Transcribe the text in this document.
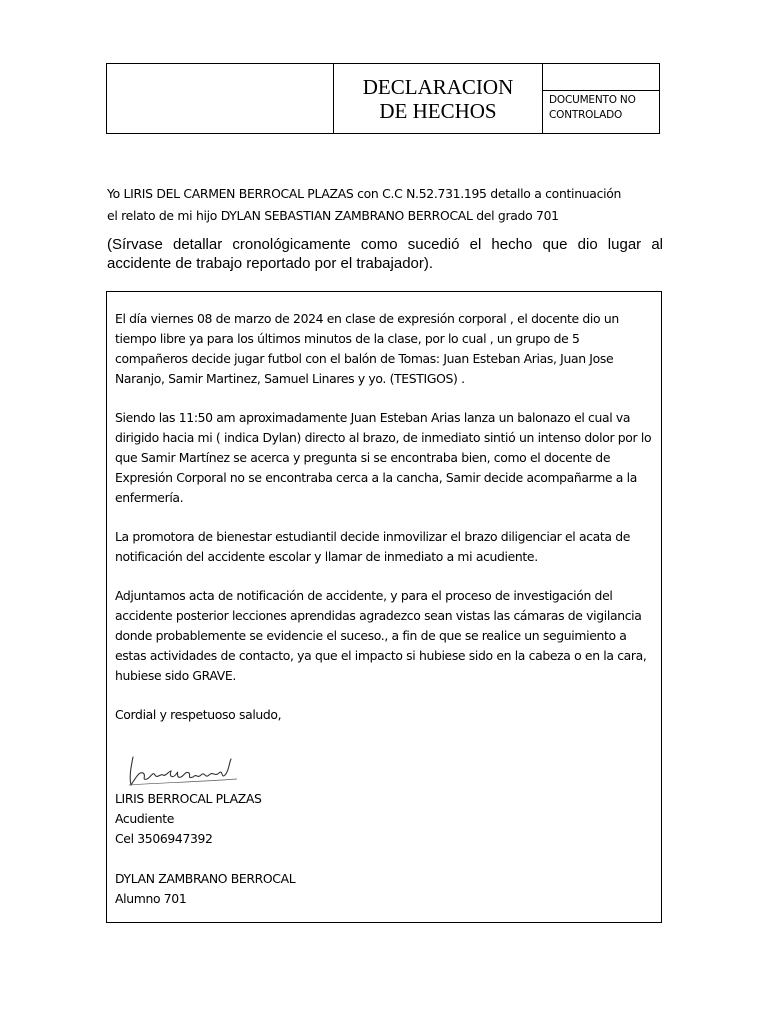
DECLARACION
DE HECHOS	DOCUMENTO NO
CONTROLADO
Yo LIRIS DEL CARMEN BERROCAL PLAZAS con C.C N.52.731.195 detallo a continuación
el relato de mi hijo DYLAN SEBASTIAN ZAMBRANO BERROCAL del grado 701
(Sírvase detallar cronológicamente como sucedió el hecho que dio lugar al accidente de trabajo reportado por el trabajador).

El día viernes 08 de marzo de 2024 en clase de expresión corporal , el docente dio un tiempo libre ya para los últimos minutos de la clase, por lo cual , un grupo de 5 compañeros decide jugar futbol con el balón de Tomas: Juan Esteban Arias, Juan Jose Naranjo, Samir Martinez, Samuel Linares y yo. (TESTIGOS) .

Siendo las 11:50 am aproximadamente Juan Esteban Arias lanza un balonazo el cual va dirigido hacia mi ( indica Dylan) directo al brazo, de inmediato sintió un intenso dolor por lo que Samir Martínez se acerca y pregunta si se encontraba bien, como el docente de Expresión Corporal no se encontraba cerca a la cancha, Samir decide acompañarme a la enfermería.

La promotora de bienestar estudiantil decide inmovilizar el brazo diligenciar el acata de notificación del accidente escolar y llamar de inmediato a mi acudiente.

Adjuntamos acta de notificación de accidente, y para el proceso de investigación del accidente posterior lecciones aprendidas agradezco sean vistas las cámaras de vigilancia donde probablemente se evidencie el suceso., a fin de que se realice un seguimiento a estas actividades de contacto, ya que el impacto si hubiese sido en la cabeza o en la cara, hubiese sido GRAVE.

Cordial y respetuoso saludo,

LIRIS BERROCAL PLAZAS
Acudiente
Cel 3506947392
DYLAN ZAMBRANO BERROCAL
Alumno 701
